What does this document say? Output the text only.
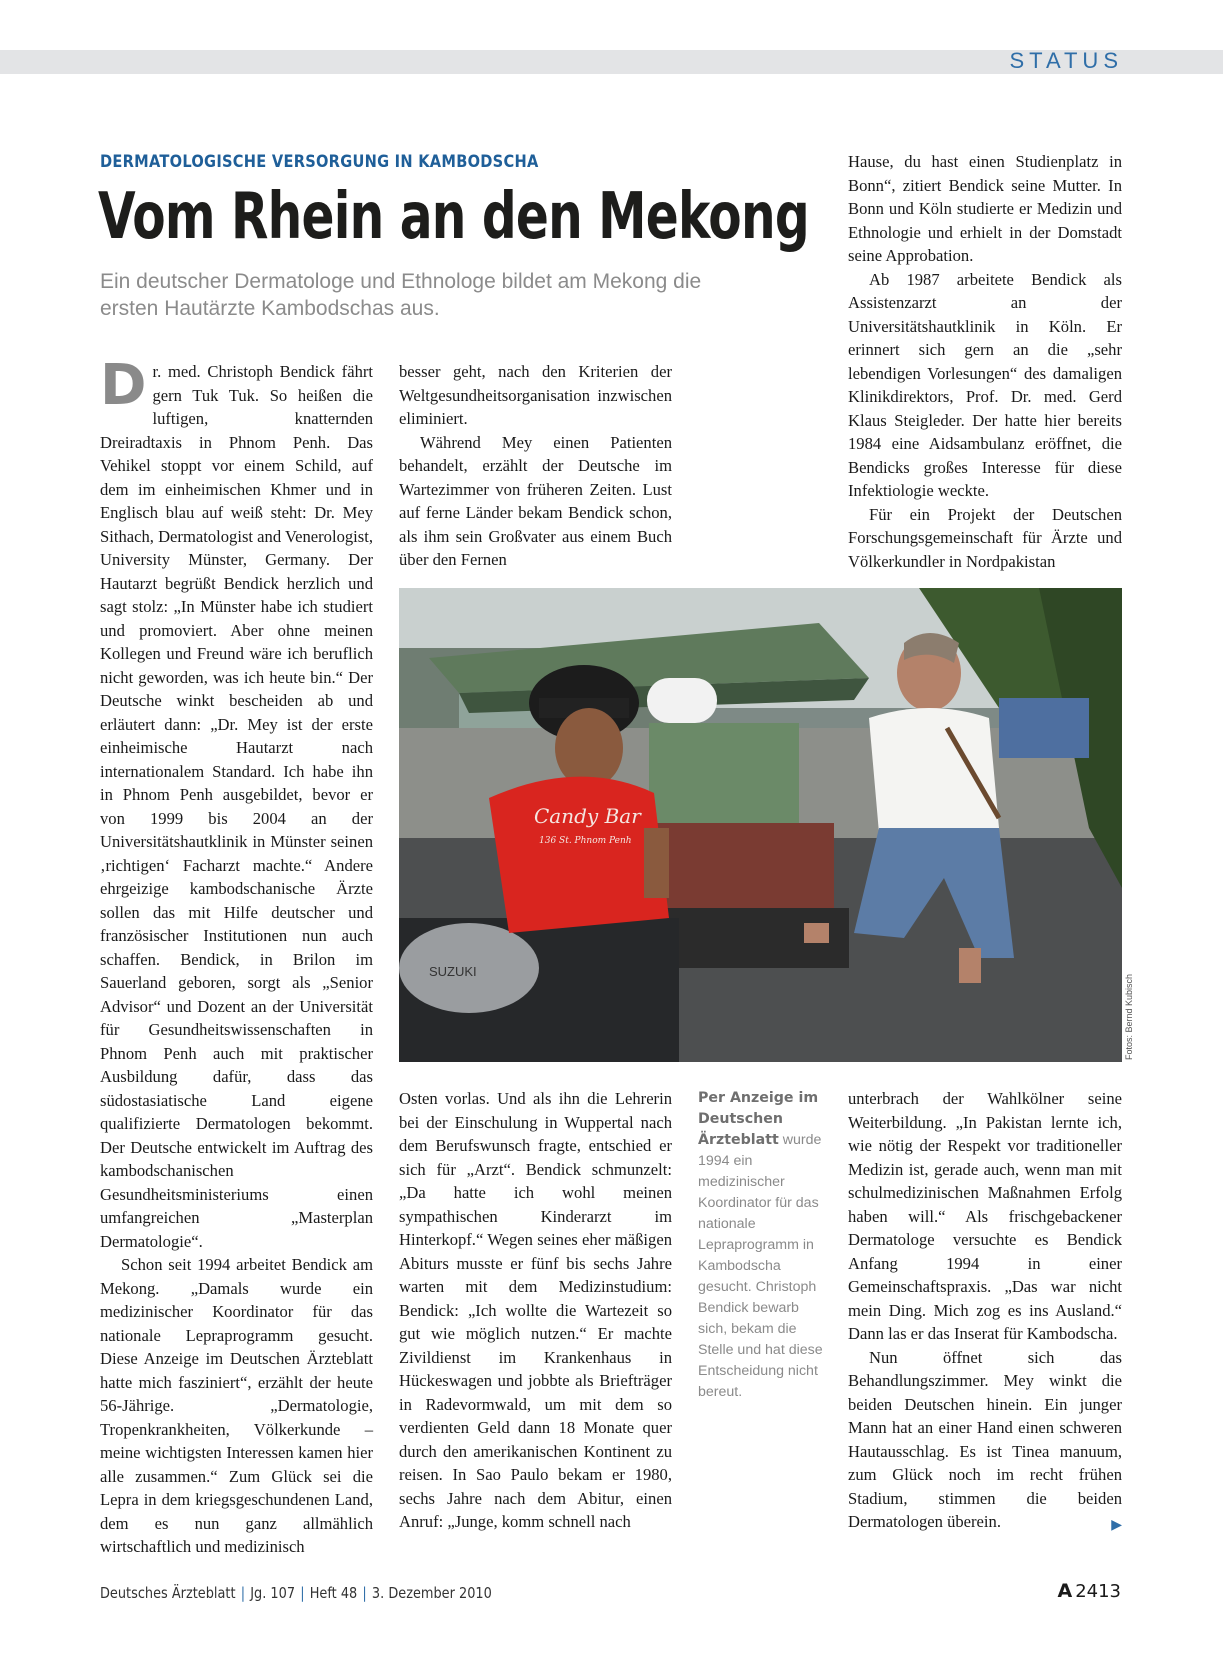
STATUS
DERMATOLOGISCHE VERSORGUNG IN KAMBODSCHA
Vom Rhein an den Mekong
Ein deutscher Dermatologe und Ethnologe bildet am Mekong die ersten Hautärzte Kambodschas aus.

Dr. med. Christoph Bendick fährt gern Tuk Tuk. So heißen die luftigen, knatternden Dreiradtaxis in Phnom Penh. Das Vehikel stoppt vor einem Schild, auf dem im einheimischen Khmer und in Englisch blau auf weiß steht: Dr. Mey Sithach, Dermatologist and Venerologist, University Münster, Germany. Der Hautarzt begrüßt Bendick herzlich und sagt stolz: „In Münster habe ich studiert und promoviert. Aber ohne meinen Kollegen und Freund wäre ich beruflich nicht geworden, was ich heute bin.“ Der Deutsche winkt bescheiden ab und erläutert dann: „Dr. Mey ist der erste einheimische Hautarzt nach internationalem Standard. Ich habe ihn in Phnom Penh ausgebildet, bevor er von 1999 bis 2004 an der Universitätshautklinik in Münster seinen ‚richtigen‘ Facharzt machte.“ Andere ehrgeizige kambodschanische Ärzte sollen das mit Hilfe deutscher und französischer Institutionen nun auch schaffen. Bendick, in Brilon im Sauerland geboren, sorgt als „Senior Advisor“ und Dozent an der Universität für Gesundheitswissenschaften in Phnom Penh auch mit praktischer Ausbildung dafür, dass das südostasiatische Land eigene qualifizierte Dermatologen bekommt. Der Deutsche entwickelt im Auftrag des kambodschanischen Gesundheitsministeriums einen umfangreichen „Masterplan Dermatologie“.

Schon seit 1994 arbeitet Bendick am Mekong. „Damals wurde ein medizinischer Koordinator für das nationale Lepraprogramm gesucht. Diese Anzeige im Deutschen Ärzteblatt hatte mich fasziniert“, erzählt der heute 56-Jährige. „Dermatologie, Tropenkrankheiten, Völkerkunde – meine wichtigsten Interessen kamen hier alle zusammen.“ Zum Glück sei die Lepra in dem kriegsgeschundenen Land, dem es nun ganz allmählich wirtschaftlich und medizinisch

besser geht, nach den Kriterien der Weltgesundheitsorganisation inzwischen eliminiert.

Während Mey einen Patienten behandelt, erzählt der Deutsche im Wartezimmer von früheren Zeiten. Lust auf ferne Länder bekam Bendick schon, als ihm sein Großvater aus einem Buch über den Fernen

SUZUKI
Candy Bar
136 St. Phnom Penh
Fotos: Bernd Kubisch

Osten vorlas. Und als ihn die Lehrerin bei der Einschulung in Wuppertal nach dem Berufswunsch fragte, entschied er sich für „Arzt“. Bendick schmunzelt: „Da hatte ich wohl meinen sympathischen Kinderarzt im Hinterkopf.“ Wegen seines eher mäßigen Abiturs musste er fünf bis sechs Jahre warten mit dem Medizinstudium: Bendick: „Ich wollte die Wartezeit so gut wie möglich nutzen.“ Er machte Zivildienst im Krankenhaus in Hückeswagen und jobbte als Briefträger in Radevormwald, um mit dem so verdienten Geld dann 18 Monate quer durch den amerikanischen Kontinent zu reisen. In Sao Paulo bekam er 1980, sechs Jahre nach dem Abitur, einen Anruf: „Junge, komm schnell nach

Per Anzeige im Deutschen Ärzteblatt wurde 1994 ein medizinischer Koordinator für das nationale Lepraprogramm in Kambodscha gesucht. Christoph Bendick bewarb sich, bekam die Stelle und hat diese Entscheidung nicht bereut.

Hause, du hast einen Studienplatz in Bonn“, zitiert Bendick seine Mutter. In Bonn und Köln studierte er Medizin und Ethnologie und erhielt in der Domstadt seine Approbation.

Ab 1987 arbeitete Bendick als Assistenzarzt an der Universitätshautklinik in Köln. Er erinnert sich gern an die „sehr lebendigen Vorlesungen“ des damaligen Klinikdirektors, Prof. Dr. med. Gerd Klaus Steigleder. Der hatte hier bereits 1984 eine Aidsambulanz eröffnet, die Bendicks großes Interesse für diese Infektiologie weckte.

Für ein Projekt der Deutschen Forschungsgemeinschaft für Ärzte und Völkerkundler in Nordpakistan

unterbrach der Wahlkölner seine Weiterbildung. „In Pakistan lernte ich, wie nötig der Respekt vor traditioneller Medizin ist, gerade auch, wenn man mit schulmedizinischen Maßnahmen Erfolg haben will.“ Als frischgebackener Dermatologe versuchte es Bendick Anfang 1994 in einer Gemeinschaftspraxis. „Das war nicht mein Ding. Mich zog es ins Ausland.“ Dann las er das Inserat für Kambodscha.

Nun öffnet sich das Behandlungszimmer. Mey winkt die beiden Deutschen hinein. Ein junger Mann hat an einer Hand einen schweren Hautausschlag. Es ist Tinea manuum, zum Glück noch im recht frühen Stadium, stimmen die beiden Dermatologen überein.	▶

Deutsches Ärzteblatt | Jg. 107 | Heft 48 | 3. Dezember 2010	A 2413
